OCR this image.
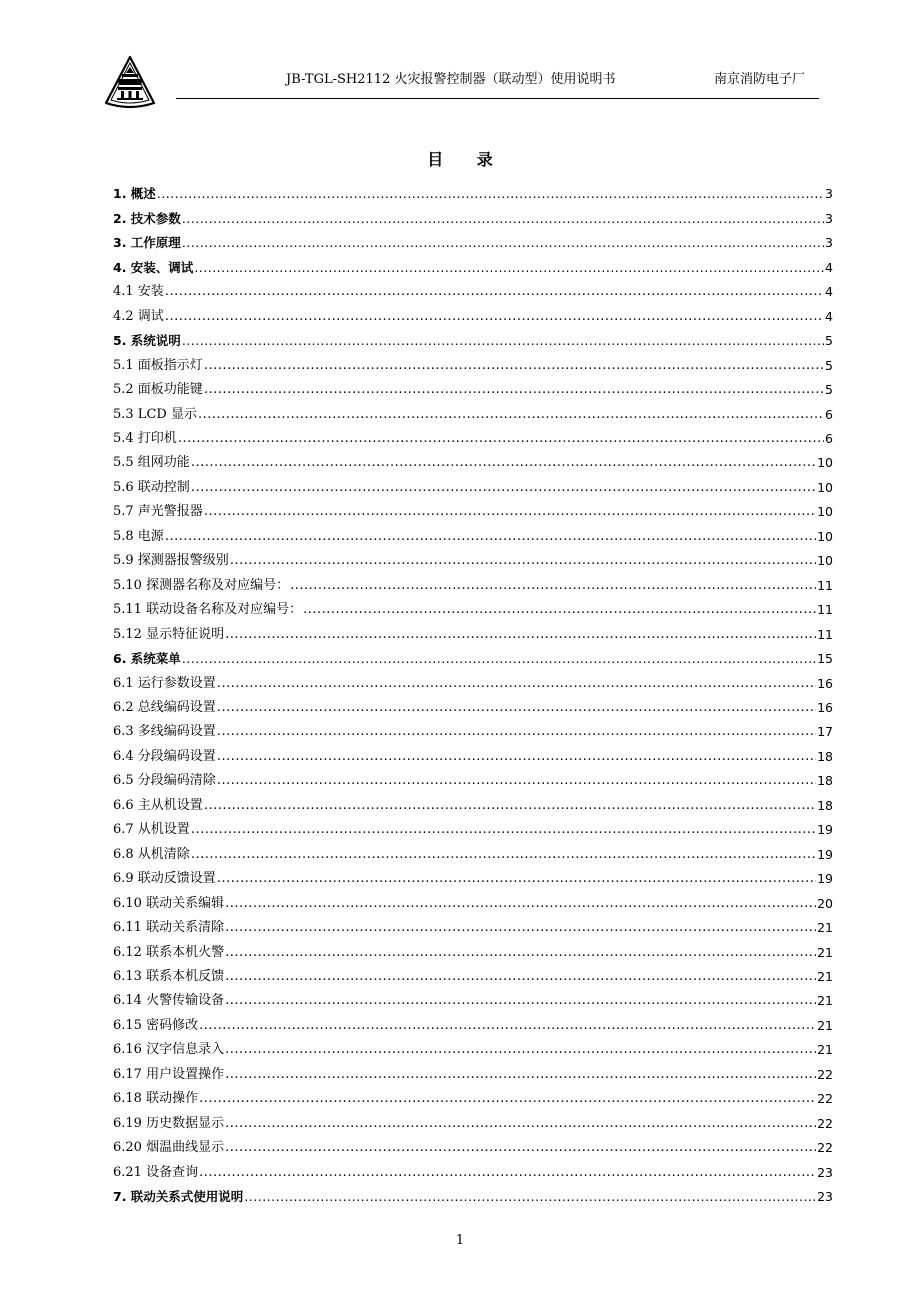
JB-TGL-SH2112 火灾报警控制器（联动型）使用说明书	南京消防电子厂
目 录
1. 概述 .....	3
2. 技术参数 .....	3
3. 工作原理 .....	3
4. 安装、调试 .....	4
4.1 安装 .....	4
4.2 调试 .....	4
5. 系统说明 .....	5
5.1 面板指示灯 .....	5
5.2 面板功能键 .....	5
5.3 LCD 显示 .....	6
5.4 打印机 .....	6
5.5 组网功能 .....	10
5.6 联动控制 .....	10
5.7 声光警报器 .....	10
5.8 电源 .....	10
5.9 探测器报警级别 .....	10
5.10 探测器名称及对应编号： .....	11
5.11 联动设备名称及对应编号： .....	11
5.12 显示特征说明 .....	11
6. 系统菜单 .....	15
6.1 运行参数设置 .....	16
6.2 总线编码设置 .....	16
6.3 多线编码设置 .....	17
6.4 分段编码设置 .....	18
6.5 分段编码清除 .....	18
6.6 主从机设置 .....	18
6.7 从机设置 .....	19
6.8 从机清除 .....	19
6.9 联动反馈设置 .....	19
6.10 联动关系编辑 .....	20
6.11 联动关系清除 .....	21
6.12 联系本机火警 .....	21
6.13 联系本机反馈 .....	21
6.14 火警传输设备 .....	21
6.15 密码修改 .....	21
6.16 汉字信息录入 .....	21
6.17 用户设置操作 .....	22
6.18 联动操作 .....	22
6.19 历史数据显示 .....	22
6.20 烟温曲线显示 .....	22
6.21 设备查询 .....	23
7. 联动关系式使用说明 .....	23
1
